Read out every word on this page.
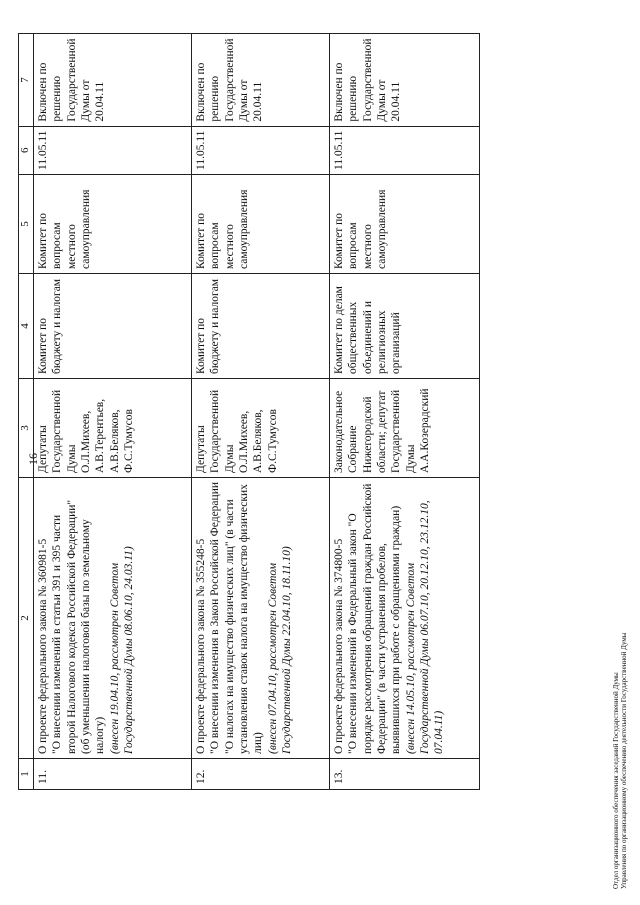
16
1	2	3	4	5	6	7
11.	О проекте федерального закона № 360981-5 "О внесении изменений в статьи 391 и 395 части второй Налогового кодекса Российской Федерации" (об уменьшении налоговой базы по земельному налогу) (внесен 19.04.10, рассмотрен Советом Государственной Думы 08.06.10, 24.03.11)	Депутаты Государственной Думы О.Л.Михеев, А.В.Терентьев, А.В.Беляков, Ф.С.Тумусов	Комитет по бюджету и налогам	Комитет по вопросам местного самоуправления	11.05.11	Включен по решению Государственной Думы от 20.04.11
12.	О проекте федерального закона № 355248-5 "О внесении изменения в Закон Российской Федерации "О налогах на имущество физических лиц" (в части установления ставок налога на имущество физических лиц) (внесен 07.04.10, рассмотрен Советом Государственной Думы 22.04.10, 18.11.10)	Депутаты Государственной Думы О.Л.Михеев, А.В.Беляков, Ф.С.Тумусов	Комитет по бюджету и налогам	Комитет по вопросам местного самоуправления	11.05.11	Включен по решению Государственной Думы от 20.04.11
13.	О проекте федерального закона № 374800-5 "О внесении изменений в Федеральный закон "О порядке рассмотрения обращений граждан Российской Федерации" (в части устранения пробелов, выявившихся при работе с обращениями граждан) (внесен 14.05.10, рассмотрен Советом Государственной Думы 06.07.10, 20.12.10, 23.12.10, 07.04.11)	Законодательное Собрание Нижегородской области; депутат Государственной Думы А.А.Козерадский	Комитет по делам общественных объединений и религиозных организаций	Комитет по вопросам местного самоуправления	11.05.11	Включен по решению Государственной Думы от 20.04.11
Отдел организационного обеспечения заседаний Государственной Думы Управления по организационному обеспечению деятельности Государственной Думы
